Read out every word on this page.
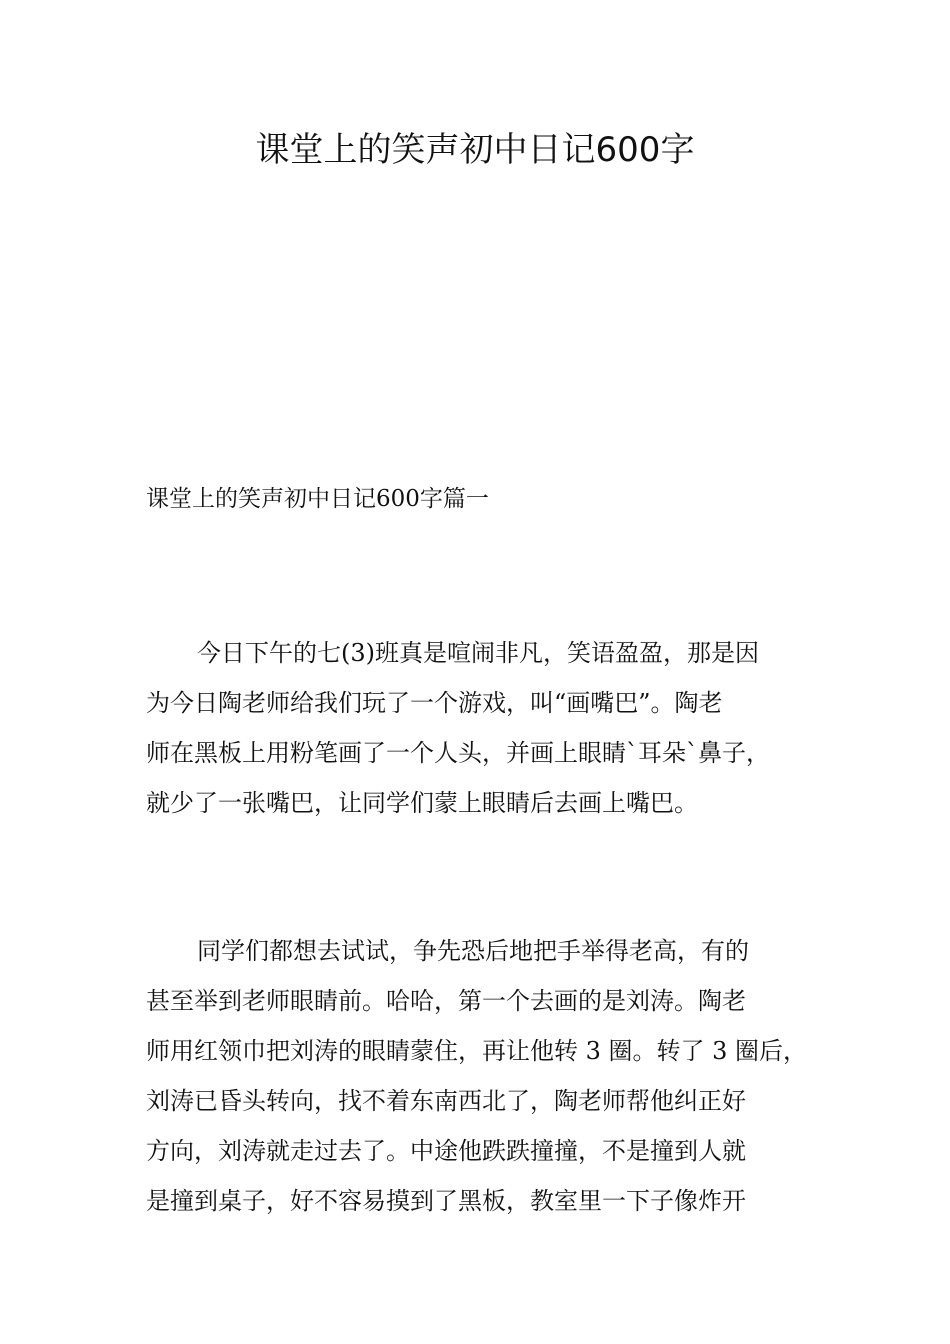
课堂上的笑声初中日记600字
课堂上的笑声初中日记600字篇一

今日下午的七(3)班真是喧闹非凡，笑语盈盈，那是因
为今日陶老师给我们玩了一个游戏，叫“画嘴巴”。陶老
师在黑板上用粉笔画了一个人头，并画上眼睛`耳朵`鼻子，
就少了一张嘴巴，让同学们蒙上眼睛后去画上嘴巴。

同学们都想去试试，争先恐后地把手举得老高，有的
甚至举到老师眼睛前。哈哈，第一个去画的是刘涛。陶老
师用红领巾把刘涛的眼睛蒙住，再让他转 3 圈。转了 3 圈后，
刘涛已昏头转向，找不着东南西北了，陶老师帮他纠正好
方向，刘涛就走过去了。中途他跌跌撞撞，不是撞到人就
是撞到桌子，好不容易摸到了黑板，教室里一下子像炸开
